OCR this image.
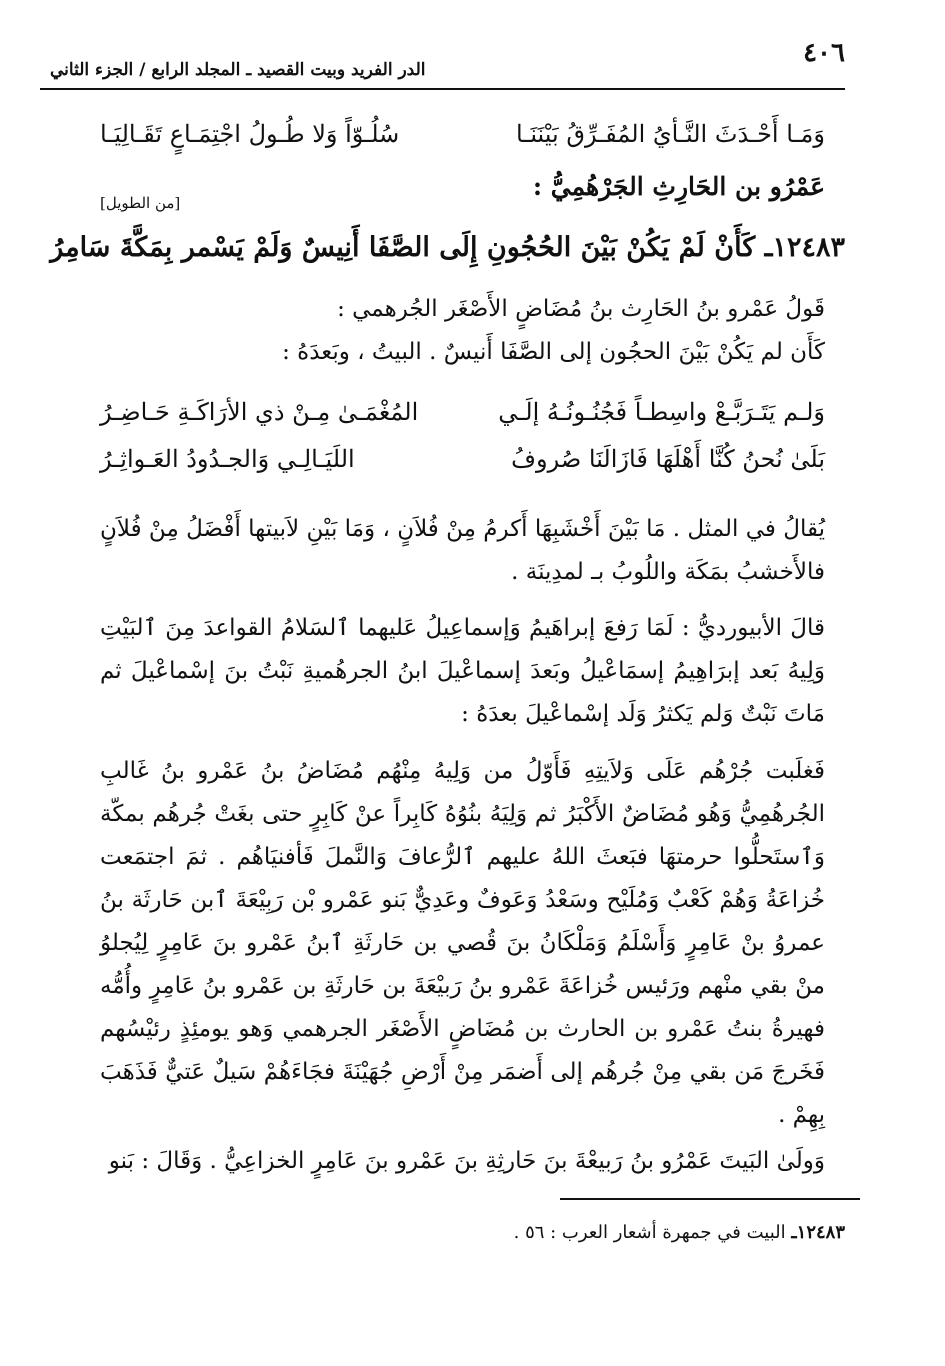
٤٠٦
الدر الفريد وبيت القصيد ـ المجلد الرابع / الجزء الثاني
وَمَـا أَحْـدَثَ النَّـأيُ المُفَـرِّقُ بَيْنَنَـا
سُلُـوّاً وَلا طُـولُ اجْتِمَـاعٍ تَقَـالِيَـا
عَمْرُو بن الحَارِثِ الجَرْهُمِيُّ :
[من الطويل]
١٢٤٨٣ـ كَأَنْ لَمْ يَكُنْ بَيْنَ الحُجُونِ إِلَى الصَّفَا أَنِيسٌ وَلَمْ يَسْمر بِمَكَّةَ سَامِرُ

قَولُ عَمْرو بنُ الحَارِث بنُ مُضَاضٍ الأَصْغَر الجُرهمي :

كَأَن لم يَكُنْ بَيْنَ الحجُون إلى الصَّفَا أَنيسٌ . البيتُ ، وبَعدَهُ :

وَلـم يَتَـرَبَّـعْ واسِطـاً فَجُنُـونُـهُ إلَـي
المُغْمَـىٰ مِـنْ ذي الأرَاكَـةِ حَـاضِـرُ
بَلَىٰ نُحنُ كُنَّا أَهْلَهَا فَازَالَنَا صُروفُ
اللَيَـالِـي وَالجـدُودُ العَـواثِـرُ

يُقالُ في المثل . مَا بَيْنَ أَخْشَبِهَا أَكرمُ مِنْ فُلاَنٍ ، وَمَا بَيْنِ لاَبيتها أَفْضَلُ مِنْ فُلاَنٍ فالأَخشبُ بمَكَة واللُوبُ بـ لمدِينَة .

قالَ الأبيورديُّ : لَمَا رَفعَ إبراهَيمُ وَإسماعِيلُ عَليهما ٱلسَلامُ القواعدَ مِنَ ٱلبَيْتِ وَلِيهُ بَعد إبرَاهِيمُ إسمَاعْيلُ وبَعدَ إسماعْيلَ ابنُ الجرهُميةِ نَبْتُ بنَ إسْماعْيلَ ثم مَاتَ نَبْتٌ وَلم يَكثرُ وَلَد إسْماعْيلَ بعدَهُ :

فَغلَبت جُرْهُم عَلَى وَلاَيتِهِ فَأَوّلُ من وَلِيهُ مِنْهُم مُضَاضُ بنُ عَمْرو بنُ غَالبِ الجُرهُمِيُّ وَهُو مُضَاضٌ الأَكْبَرُ ثم وَلِيَهُ بنُوُهُ كَابِراً عنْ كَابِرٍ حتى بغَتْ جُرهُم بمكّة وَٱستَحلُّوا حرمتهَا فبَعثَ اللهُ عليهم ٱلرُّعافَ وَالنَّملَ فَأفنيَاهُم . ثمَ اجتمَعت خُزاعَةُ وَهُمْ كَعْبٌ وَمُلَيْح وسَعْدُ وَعَوفٌ وعَدِيٌّ بَنو عَمْرو بْن رَبِيْعَةَ ٱبن حَارثَة بنُ عمروُ بنْ عَامِرٍ وَأَسْلَمُ وَمَلْكَانُ بنَ قُصي بن حَارثَةِ ٱبنُ عَمْرو بنَ عَامِرٍ لِيُجلوُ منْ بقي منْهم ورَئيس خُزاعَةَ عَمْرو بنُ رَبيْعَةَ بن حَارثَةِ بن عَمْرو بنُ عَامِرٍ وأُمُّه فهيرةُ بنتُ عَمْرو بن الحارث بن مُضَاضٍ الأَصْغَر الجرهمي وَهو يومئِذٍ رئيْسُهم فَخَرجَ مَن بقي مِنْ جُرهُم إلى أَضمَر مِنْ أَرْضِ جُهَيْنَةَ فجَاءَهُمْ سَيلٌ عَتيٌّ فَذَهَبَ بِهِمْ .

وَولَىٰ البَيتَ عَمْرُو بنُ رَبيعْةَ بنَ حَارثِةِ بنَ عَمْرو بنَ عَامِرٍ الخزاعِيُّ . وَقَالَ : بَنو

١٢٤٨٣ـ البيت في جمهرة أشعار العرب : ٥٦ .
